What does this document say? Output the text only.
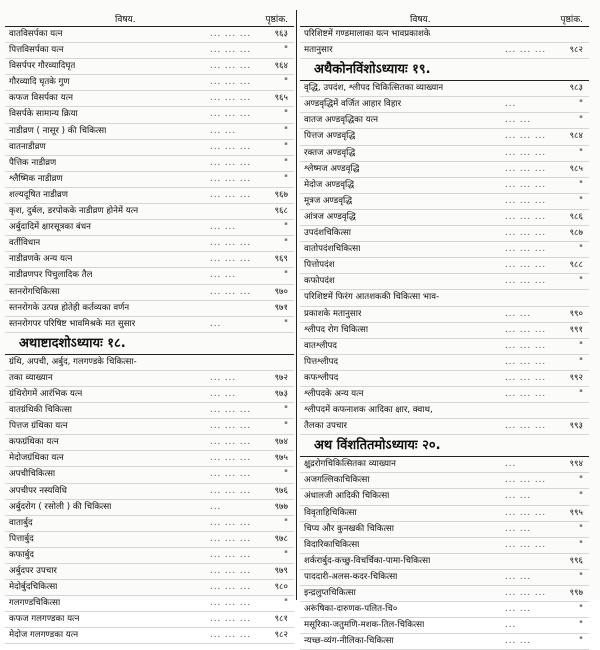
विषय.	पृष्ठांक.
वातविसर्पका यत्न	... ... ...	९६३
पित्तविसर्पका यत्न	... ... ...	"
विसर्पपर गौरव्यादिघृत	... ... ...	९६४
गौरव्यादि घृतके गुण	... ... ...	"
कफज विसर्पका यत्न	... ... ...	९६५
विसर्पके सामान्य क्रिया	... ... ...	"
नाडीव्रण ( नासूर ) की चिकित्सा	... ...	"
वातनाडीव्रण	... ... ...	"
पैत्तिक नाडीव्रण	... ... ...	"
श्लैष्मिक नाडीव्रण	... ... ...	"
शल्यदूषित नाडीव्रण	... ... ...	९६७
कृश, दुर्बल, डरपोकके नाडीव्रण होनेमें यत्न	९६८
अर्बुदादिमें क्षारसूत्रका बंधन	... ...	"
वर्तीविधान	... ... ...	"
नाडीव्रणके अन्य यत्न	... ... ...	९६९
नाडीव्रणपर पिचुलादिक तैल	... ...	"
स्तनरोगचिकित्सा	... ... ...	९७०
स्तनरोगके उत्पन्न होतेही कर्तव्यका वर्णन	९७१
स्तनरोगपर परिषिष्ट भावमिश्रके मत सुसार	...	"
अथाष्टादशोऽध्यायः १८.
ग्रंथि, अपची, अर्बुद, गलगण्डके चिकित्सा-
तका व्याख्यान	... ...	९७२
ग्रंथिरोगमें आरंभिक यत्न	... ...	९७३
वातग्रंथिकी चिकित्सा	... ... ...	"
पित्तज ग्रंथिका यत्न	... ... ...	"
कफग्रंथिका यत्न	... ... ...	९७४
मेदोजग्रंथिका यत्न	... ... ...	९७५
अपचीचिकित्सा	... ... ...	"
अपचीपर नस्यविधि	... ... ...	९७६
अर्बुदरोग ( रसोली ) की चिकित्सा	...	९७७
वातार्बुद	... ... ...	"
पित्तार्बुद	... ... ...	९७८
कफार्बुद	... ... ...	"
अर्बुदपर उपचार	... ... ...	९७९
मेदोर्बुदचिकित्सा	... ... ...	९८०
गलगण्डचिकित्सा	... ... ...	"
कफज गलगण्डका यत्न	... ... ...	९८१
मेदोज गलगण्डका यत्न	... ... ...	९८२
विषय.	पृष्ठांक.
परिशिष्टमें गण्डमालाका यत्न भावप्रकाशके
मतानुसार	... ... ...	९८२
अथैकोनविंशोऽध्यायः १९.
वृद्धि, उपदंश, श्लीपद चिकित्सितका व्याख्यान	९८३
अण्डवृद्धिमें वर्जित आहार विहार	...	"
वातज अण्डवृद्धिका यत्न	... ...	"
पित्तज अण्डवृद्धि	... ... ...	९८४
रक्तज अण्डवृद्धि	... ... ...	"
श्लेष्मज अण्डवृद्धि	... ... ...	९८५
मेदोज अण्डवृद्धि	... ... ...	"
मूत्रज अण्डवृद्धि	... ... ...	"
आंत्रज अण्डवृद्धि	... ... ...	९८६
उपदंशचिकित्सा	... ... ...	९८७
वातोपदंशचिकित्सा	... ... ...	"
पित्तोपदंश	... ... ...	९८८
कफोपदंश	... ... ...	"
परिशिष्टमें फिरंग आतशककी चिकित्सा भाव-
प्रकाशके मतानुसार	... ...	९९०
श्लीपद रोग चिकित्सा	... ... ...	९९१
वातश्लीपद	... ... ...	"
पित्तश्लीपद	... ... ...	"
कफश्लीपद	... ... ...	९९२
श्लीपदके अन्य यत्न	... ... ...	"
श्लीपदमें कफनाशक आदिका क्षार, क्वाथ,
तैलका उपचार	... ... ...	९९३
अथ विंशतितमोऽध्यायः २०.
क्षुद्ररोगचिकित्सितका व्याख्यान	...	९९४
अजगल्लिकाचिकित्सा	... ... ...	"
अंधालजी आदिकी चिकित्सा	... ...	"
विवृताहिचिकित्सा	... ... ...	९९५
चिप्य और कुनखकी चिकित्सा	... ...	"
विदारिकाचिकित्सा	... ... ...	"
शर्करार्बुद-कच्छु-विचर्चिका-पामा-चिकित्सा	९९६
पाददारी-अलस-कदर-चिकित्सा	... ...	"
इन्द्रलुप्तचिकित्सा	... ... ...	९९७
अरूंषिका-दारुणक-पलित-चि०	... ...	"
मसूरिका-जतुमणि-मशक-तिल-चिकित्सा	...	"
न्यच्छ-व्यंग-नीलिका-चिकित्सा	... ...	"
